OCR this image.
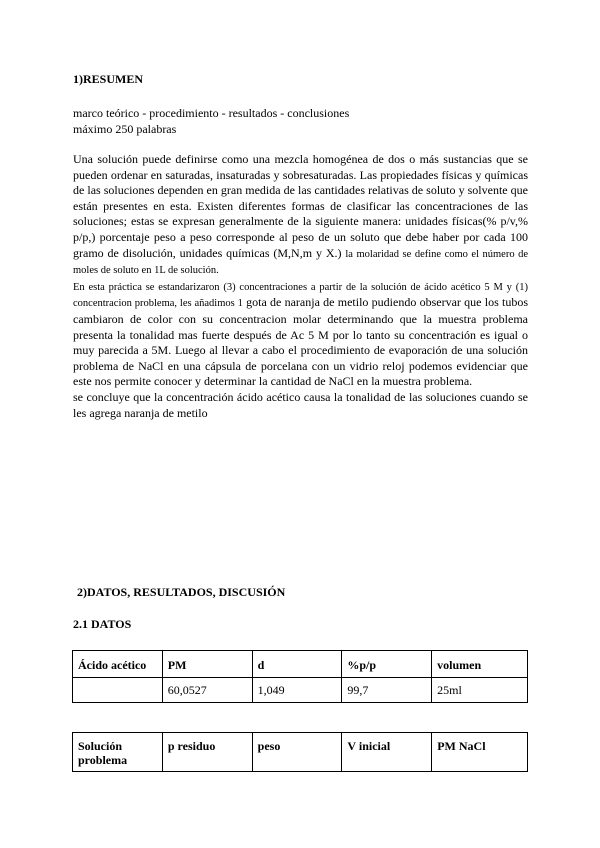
1)RESUMEN
marco teórico - procedimiento - resultados - conclusiones
máximo 250 palabras

Una solución puede definirse como una mezcla homogénea de dos o más sustancias que se pueden ordenar en saturadas, insaturadas y sobresaturadas. Las propiedades físicas y químicas de las soluciones dependen en gran medida de las cantidades relativas de soluto y solvente que están presentes en esta. Existen diferentes formas de clasificar las concentraciones de las soluciones; estas se expresan generalmente de la siguiente manera: unidades físicas(% p/v,% p/p,) porcentaje peso a peso corresponde al peso de un soluto que debe haber por cada 100 gramo de disolución, unidades químicas (M,N,m y X.) la molaridad se define como el número de moles de soluto en 1L de solución.

En esta práctica se estandarizaron (3) concentraciones a partir de la solución de ácido acético 5 M y (1) concentracion problema, les añadimos 1 gota de naranja de metilo pudiendo observar que los tubos cambiaron de color con su concentracion molar determinando que la muestra problema presenta la tonalidad mas fuerte después de Ac 5 M por lo tanto su concentración es igual o muy parecida a 5M. Luego al llevar a cabo el procedimiento de evaporación de una solución problema de NaCl en una cápsula de porcelana con un vidrio reloj podemos evidenciar que este nos permite conocer y determinar la cantidad de NaCl en la muestra problema.

se concluye que la concentración ácido acético causa la tonalidad de las soluciones cuando se les agrega naranja de metilo

2)DATOS, RESULTADOS, DISCUSIÓN
2.1 DATOS
Ácido acético	PM	d	%p/p	volumen
	60,0527	1,049	99,7	25ml
Solución problema	p residuo	peso	V inicial	PM NaCl
